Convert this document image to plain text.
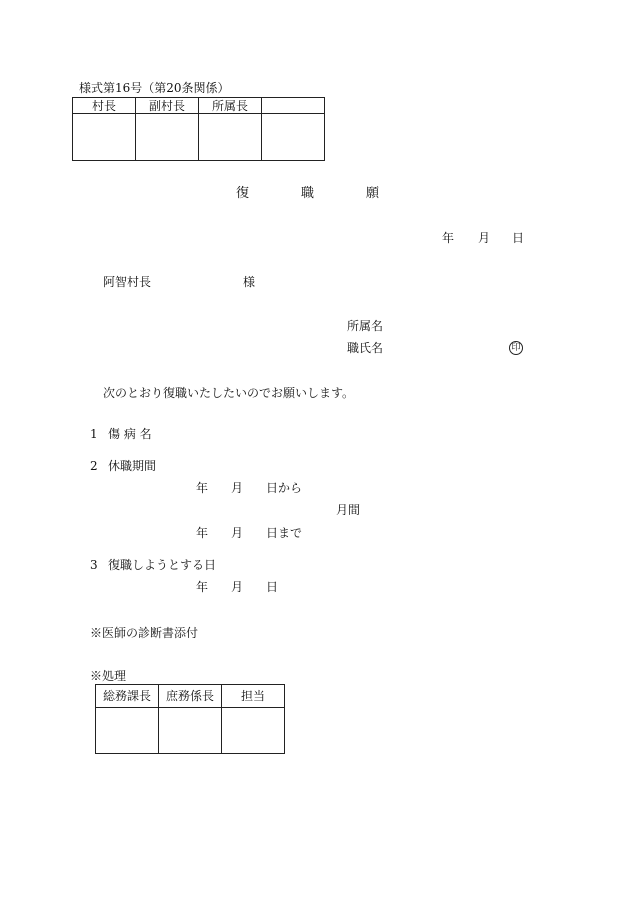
様式第16号（第20条関係）
村長	副村長	所属長	

復　　　　職　　　　願
年 月 日
阿智村長	様
所属名
職氏名	印
次のとおり復職いたしたいのでお願いします。
1 傷 病 名
2 休職期間
年 月 日から
月間
年 月 日まで
3 復職しようとする日
年 月 日
※医師の診断書添付
※処理
総務課長	庶務係長	担当
